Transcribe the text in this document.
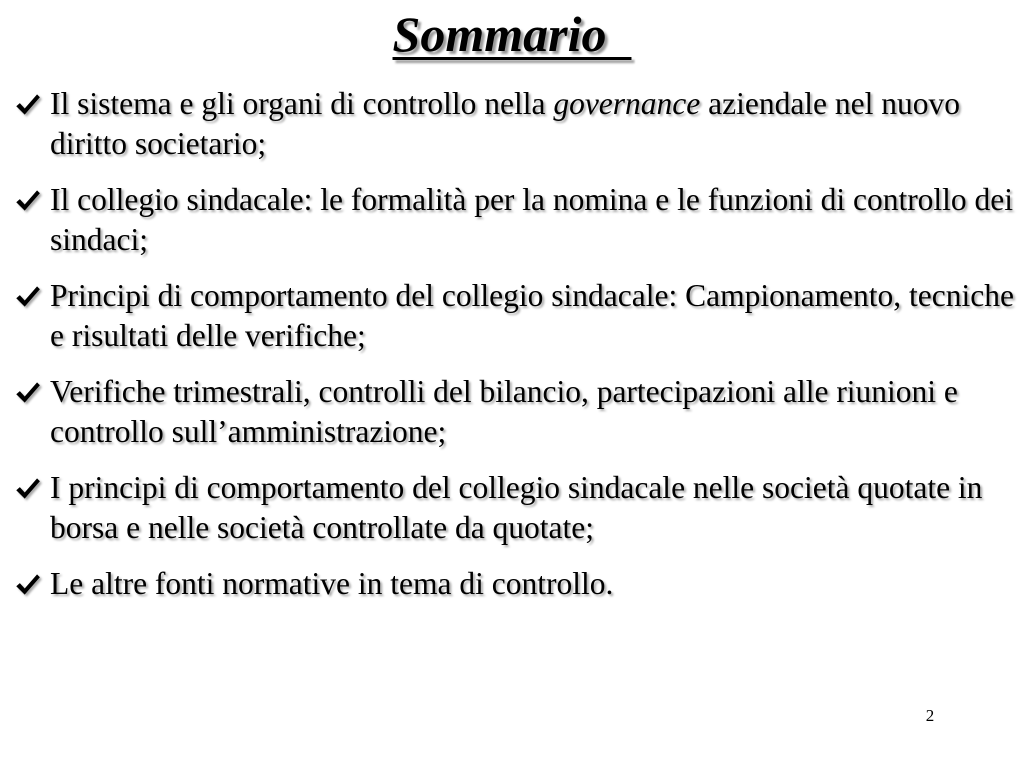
Sommario
Il sistema e gli organi di controllo nella governance aziendale nel nuovo diritto societario;
Il collegio sindacale: le formalità per la nomina e le funzioni di controllo dei sindaci;
Principi di comportamento del collegio sindacale: Campionamento, tecniche e risultati delle verifiche;
Verifiche trimestrali, controlli del bilancio, partecipazioni alle riunioni e controllo sull’amministrazione;
I principi di comportamento del collegio sindacale nelle società quotate in borsa e nelle società controllate da quotate;
Le altre fonti normative in tema di controllo.
2
